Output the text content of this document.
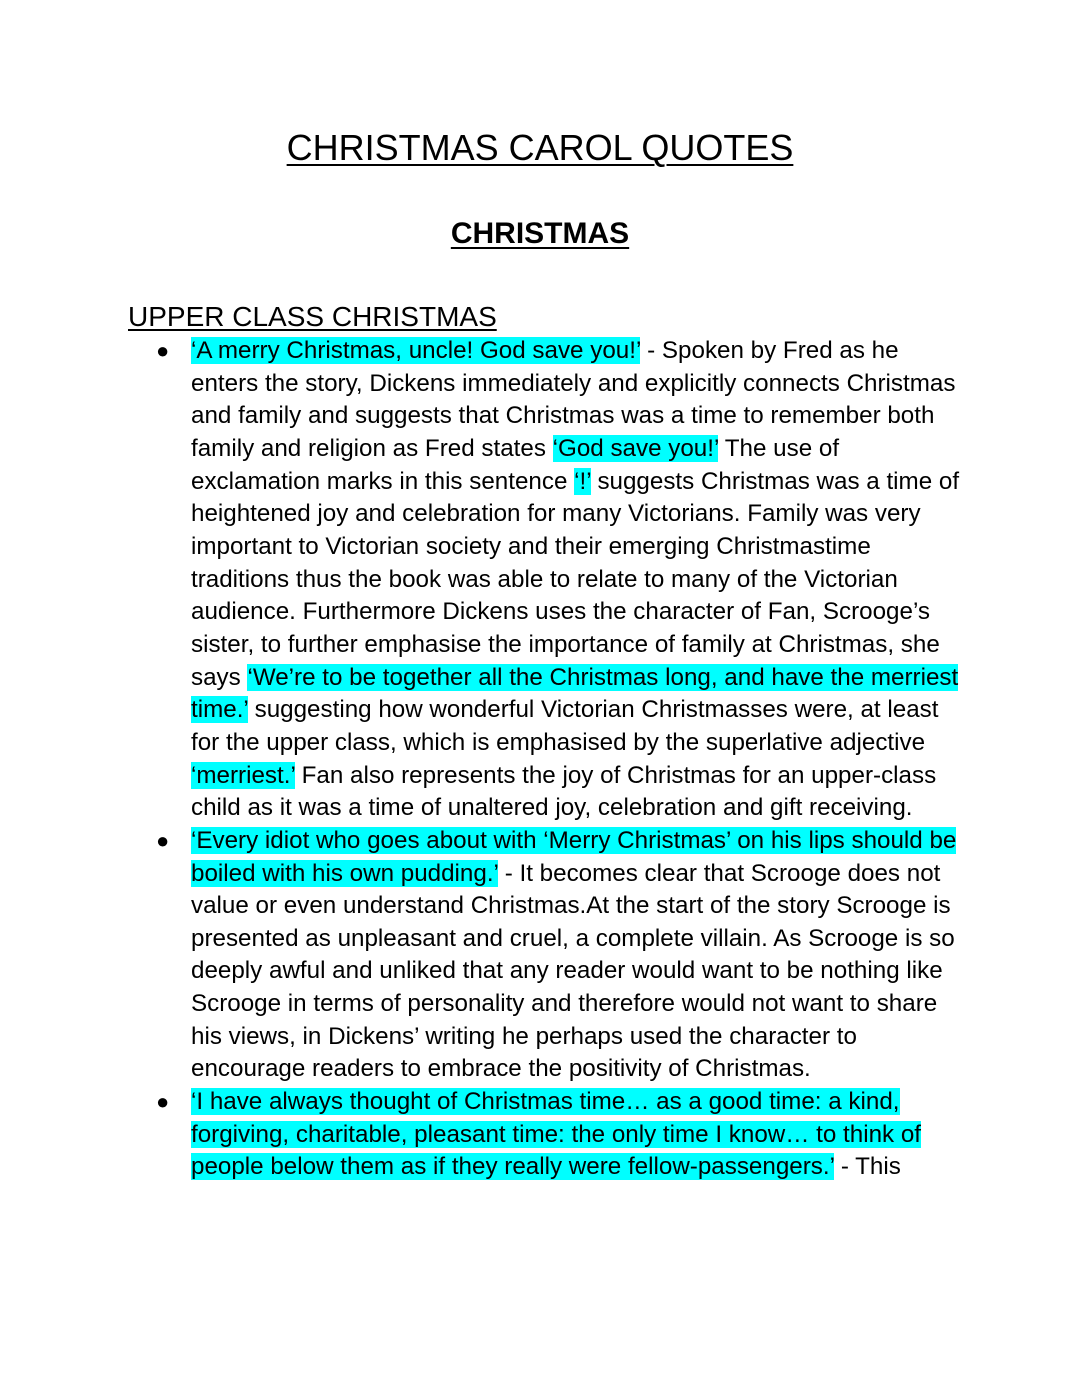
CHRISTMAS CAROL QUOTES
CHRISTMAS
UPPER CLASS CHRISTMAS
● ‘A merry Christmas, uncle! God save you!’ - Spoken by Fred as he enters the story, Dickens immediately and explicitly connects Christmas and family and suggests that Christmas was a time to remember both family and religion as Fred states ‘God save you!’ The use of exclamation marks in this sentence ‘!’ suggests Christmas was a time of heightened joy and celebration for many Victorians. Family was very important to Victorian society and their emerging Christmastime traditions thus the book was able to relate to many of the Victorian audience. Furthermore Dickens uses the character of Fan, Scrooge’s sister, to further emphasise the importance of family at Christmas, she says ‘We’re to be together all the Christmas long, and have the merriest time.’ suggesting how wonderful Victorian Christmasses were, at least for the upper class, which is emphasised by the superlative adjective ‘merriest.’ Fan also represents the joy of Christmas for an upper-class child as it was a time of unaltered joy, celebration and gift receiving.
● ‘Every idiot who goes about with ‘Merry Christmas’ on his lips should be boiled with his own pudding.’ - It becomes clear that Scrooge does not value or even understand Christmas.At the start of the story Scrooge is presented as unpleasant and cruel, a complete villain. As Scrooge is so deeply awful and unliked that any reader would want to be nothing like Scrooge in terms of personality and therefore would not want to share his views, in Dickens’ writing he perhaps used the character to encourage readers to embrace the positivity of Christmas.
● ‘I have always thought of Christmas time… as a good time: a kind, forgiving, charitable, pleasant time: the only time I know… to think of people below them as if they really were fellow-passengers.’ - This
